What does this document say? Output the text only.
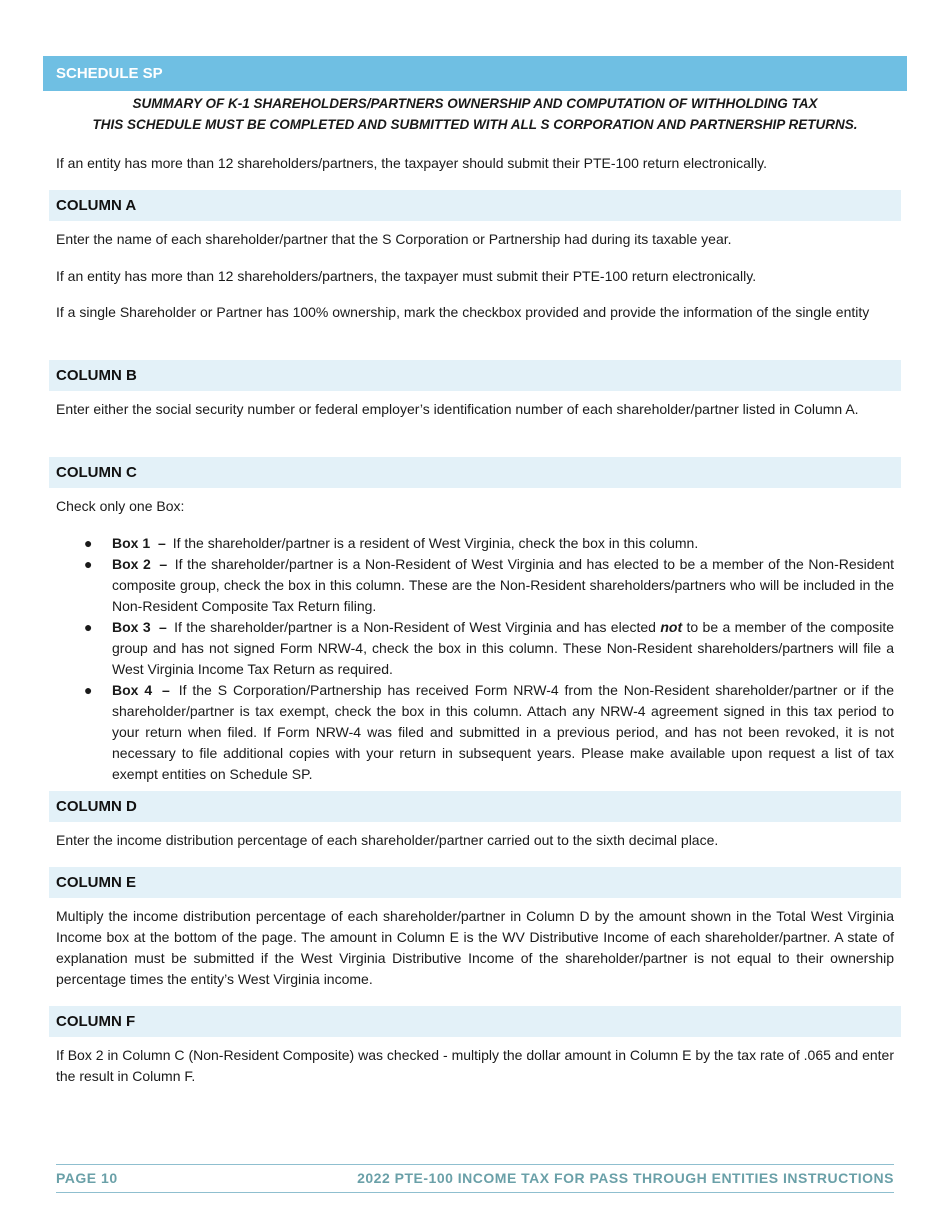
SCHEDULE SP
SUMMARY OF K-1 SHAREHOLDERS/PARTNERS OWNERSHIP AND COMPUTATION OF WITHHOLDING TAX
THIS SCHEDULE MUST BE COMPLETED AND SUBMITTED WITH ALL S CORPORATION AND PARTNERSHIP RETURNS.
If an entity has more than 12 shareholders/partners, the taxpayer should submit their PTE-100 return electronically.
COLUMN A
Enter the name of each shareholder/partner that the S Corporation or Partnership had during its taxable year.
If an entity has more than 12 shareholders/partners, the taxpayer must submit their PTE-100 return electronically.
If a single Shareholder or Partner has 100% ownership, mark the checkbox provided and provide the information of the single entity
COLUMN B
Enter either the social security number or federal employer’s identification number of each shareholder/partner listed in Column A.
COLUMN C
Check only one Box:
● Box 1 – If the shareholder/partner is a resident of West Virginia, check the box in this column.
● Box 2 – If the shareholder/partner is a Non-Resident of West Virginia and has elected to be a member of the Non-Resident composite group, check the box in this column. These are the Non-Resident shareholders/partners who will be included in the Non-Resident Composite Tax Return filing.
● Box 3 – If the shareholder/partner is a Non-Resident of West Virginia and has elected not to be a member of the composite group and has not signed Form NRW-4, check the box in this column. These Non-Resident shareholders/partners will file a West Virginia Income Tax Return as required.
● Box 4 – If the S Corporation/Partnership has received Form NRW-4 from the Non-Resident shareholder/partner or if the shareholder/partner is tax exempt, check the box in this column. Attach any NRW-4 agreement signed in this tax period to your return when filed. If Form NRW-4 was filed and submitted in a previous period, and has not been revoked, it is not necessary to file additional copies with your return in subsequent years. Please make available upon request a list of tax exempt entities on Schedule SP.
COLUMN D
Enter the income distribution percentage of each shareholder/partner carried out to the sixth decimal place.
COLUMN E
Multiply the income distribution percentage of each shareholder/partner in Column D by the amount shown in the Total West Virginia Income box at the bottom of the page. The amount in Column E is the WV Distributive Income of each shareholder/partner. A state of explanation must be submitted if the West Virginia Distributive Income of the shareholder/partner is not equal to their ownership percentage times the entity’s West Virginia income.
COLUMN F
If Box 2 in Column C (Non-Resident Composite) was checked - multiply the dollar amount in Column E by the tax rate of .065 and enter the result in Column F.
PAGE 10	2022 PTE-100 INCOME TAX FOR PASS THROUGH ENTITIES INSTRUCTIONS
